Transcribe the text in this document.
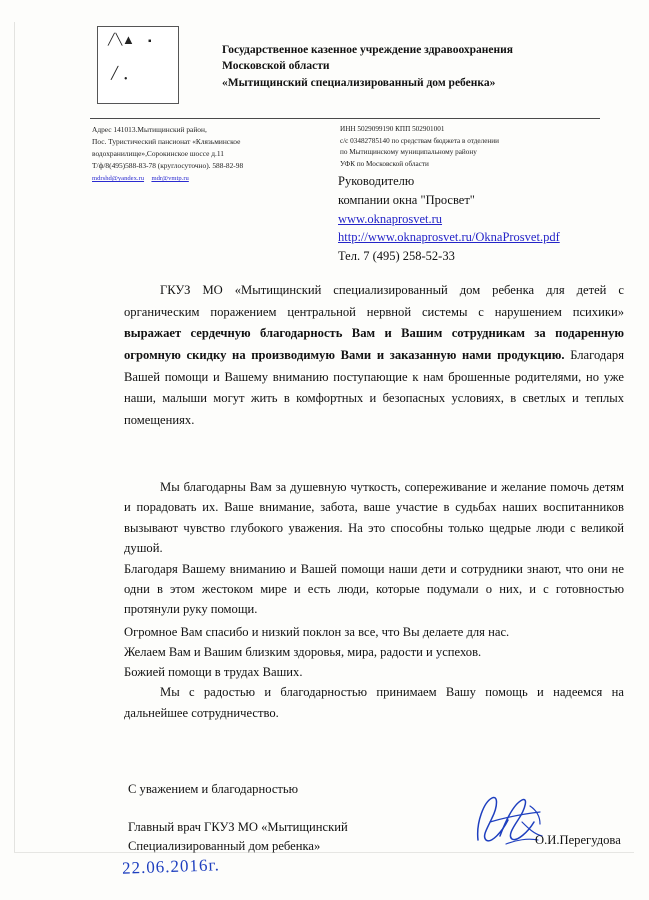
╱╲
▲ ▪
╱ •
Государственное казенное учреждение здравоохранения
Московской области
«Мытищинский специализированный дом ребенка»
Адрес 141013.Мытищинский район,
Пос. Туристический пансионат «Клязьминское
водохранилище»,Сорокинское шоссе д.11
Т/ф/8(495)588-83-78 (круглосуточно). 588-82-98
mdrshd@yandex.ru mdr@vmtp.ru
ИНН 5029099190 КПП 502901001
с/с 03482785140 по средствам бюджета в отделении
по Мытищинскому муниципальному району
УФК по Московской области
Руководителю
компании окна "Просвет"
www.oknaprosvet.ru
http://www.oknaprosvet.ru/OknaProsvet.pdf
Тел. 7 (495) 258-52-33
ГКУЗ МО «Мытищинский специализированный дом ребенка для детей с органическим поражением центральной нервной системы с нарушением психики» выражает сердечную благодарность Вам и Вашим сотрудникам за подаренную огромную скидку на производимую Вами и заказанную нами продукцию. Благодаря Вашей помощи и Вашему вниманию поступающие к нам брошенные родителями, но уже наши, малыши могут жить в комфортных и безопасных условиях, в светлых и теплых помещениях.
Мы благодарны Вам за душевную чуткость, сопереживание и желание помочь детям и порадовать их. Ваше внимание, забота, ваше участие в судьбах наших воспитанников вызывают чувство глубокого уважения. На это способны только щедрые люди с великой душой.
Благодаря Вашему вниманию и Вашей помощи наши дети и сотрудники знают, что они не одни в этом жестоком мире и есть люди, которые подумали о них, и с готовностью протянули руку помощи.
Огромное Вам спасибо и низкий поклон за все, что Вы делаете для нас.
Желаем Вам и Вашим близким здоровья, мира, радости и успехов.
Божией помощи в трудах Ваших.
Мы с радостью и благодарностью принимаем Вашу помощь и надеемся на дальнейшее сотрудничество.
С уважением и благодарностью
Главный врач ГКУЗ МО «Мытищинский
Специализированный дом ребенка»	О.И.Перегудова
22.06.2016г.
